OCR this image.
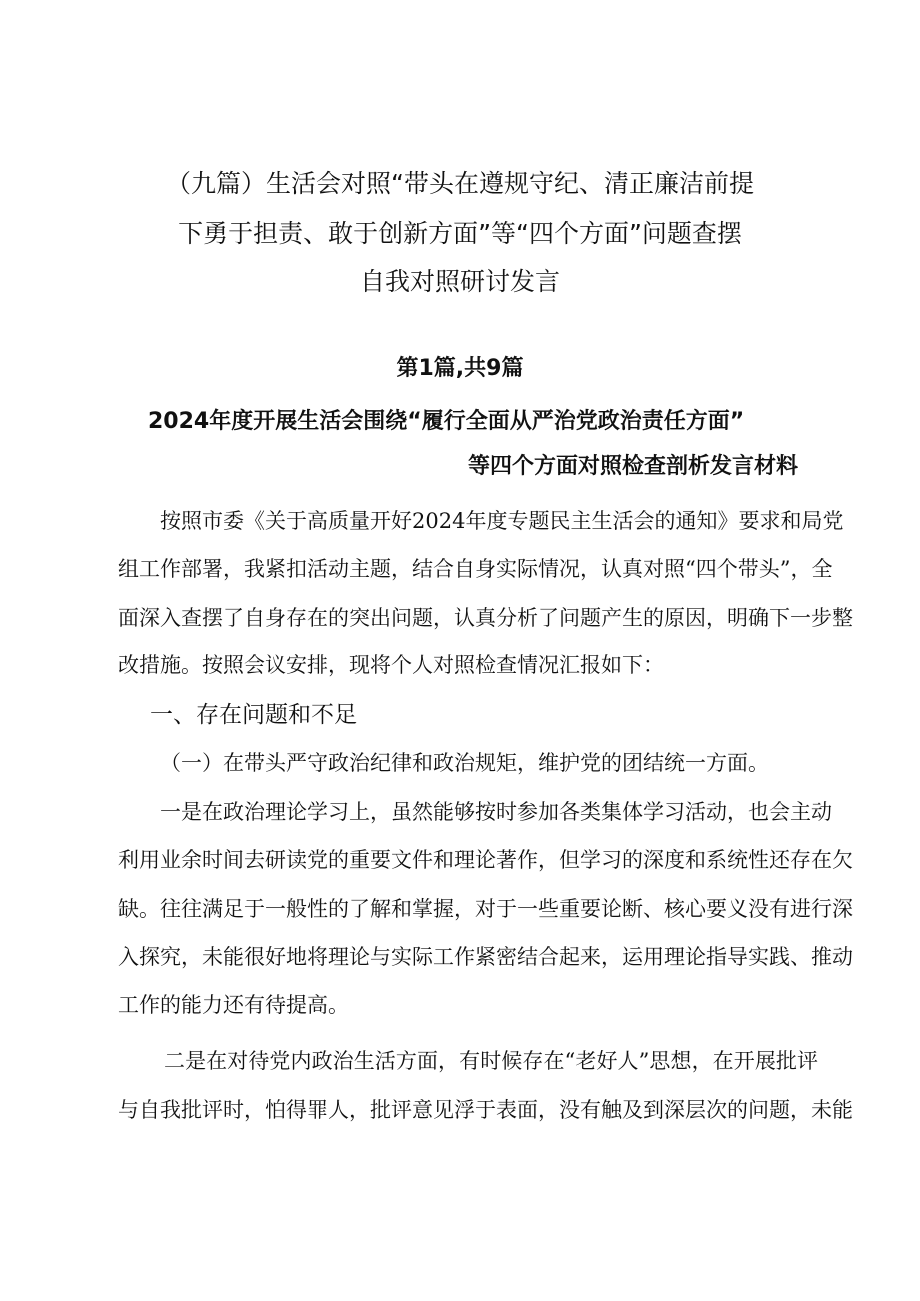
（九篇）生活会对照“带头在遵规守纪、清正廉洁前提
下勇于担责、敢于创新方面”等“四个方面”问题查摆
自我对照研讨发言
第1篇,共9篇
2024年度开展生活会围绕“履行全面从严治党政治责任方面”
等四个方面对照检查剖析发言材料
按照市委《关于高质量开好2024年度专题民主生活会的通知》要求和局党
组工作部署，我紧扣活动主题，结合自身实际情况，认真对照“四个带头”，全
面深入查摆了自身存在的突出问题，认真分析了问题产生的原因，明确下一步整
改措施。按照会议安排，现将个人对照检查情况汇报如下：
一、存在问题和不足
（一）在带头严守政治纪律和政治规矩，维护党的团结统一方面。
一是在政治理论学习上，虽然能够按时参加各类集体学习活动，也会主动
利用业余时间去研读党的重要文件和理论著作，但学习的深度和系统性还存在欠
缺。往往满足于一般性的了解和掌握，对于一些重要论断、核心要义没有进行深
入探究，未能很好地将理论与实际工作紧密结合起来，运用理论指导实践、推动
工作的能力还有待提高。
二是在对待党内政治生活方面，有时候存在“老好人”思想，在开展批评
与自我批评时，怕得罪人，批评意见浮于表面，没有触及到深层次的问题，未能
